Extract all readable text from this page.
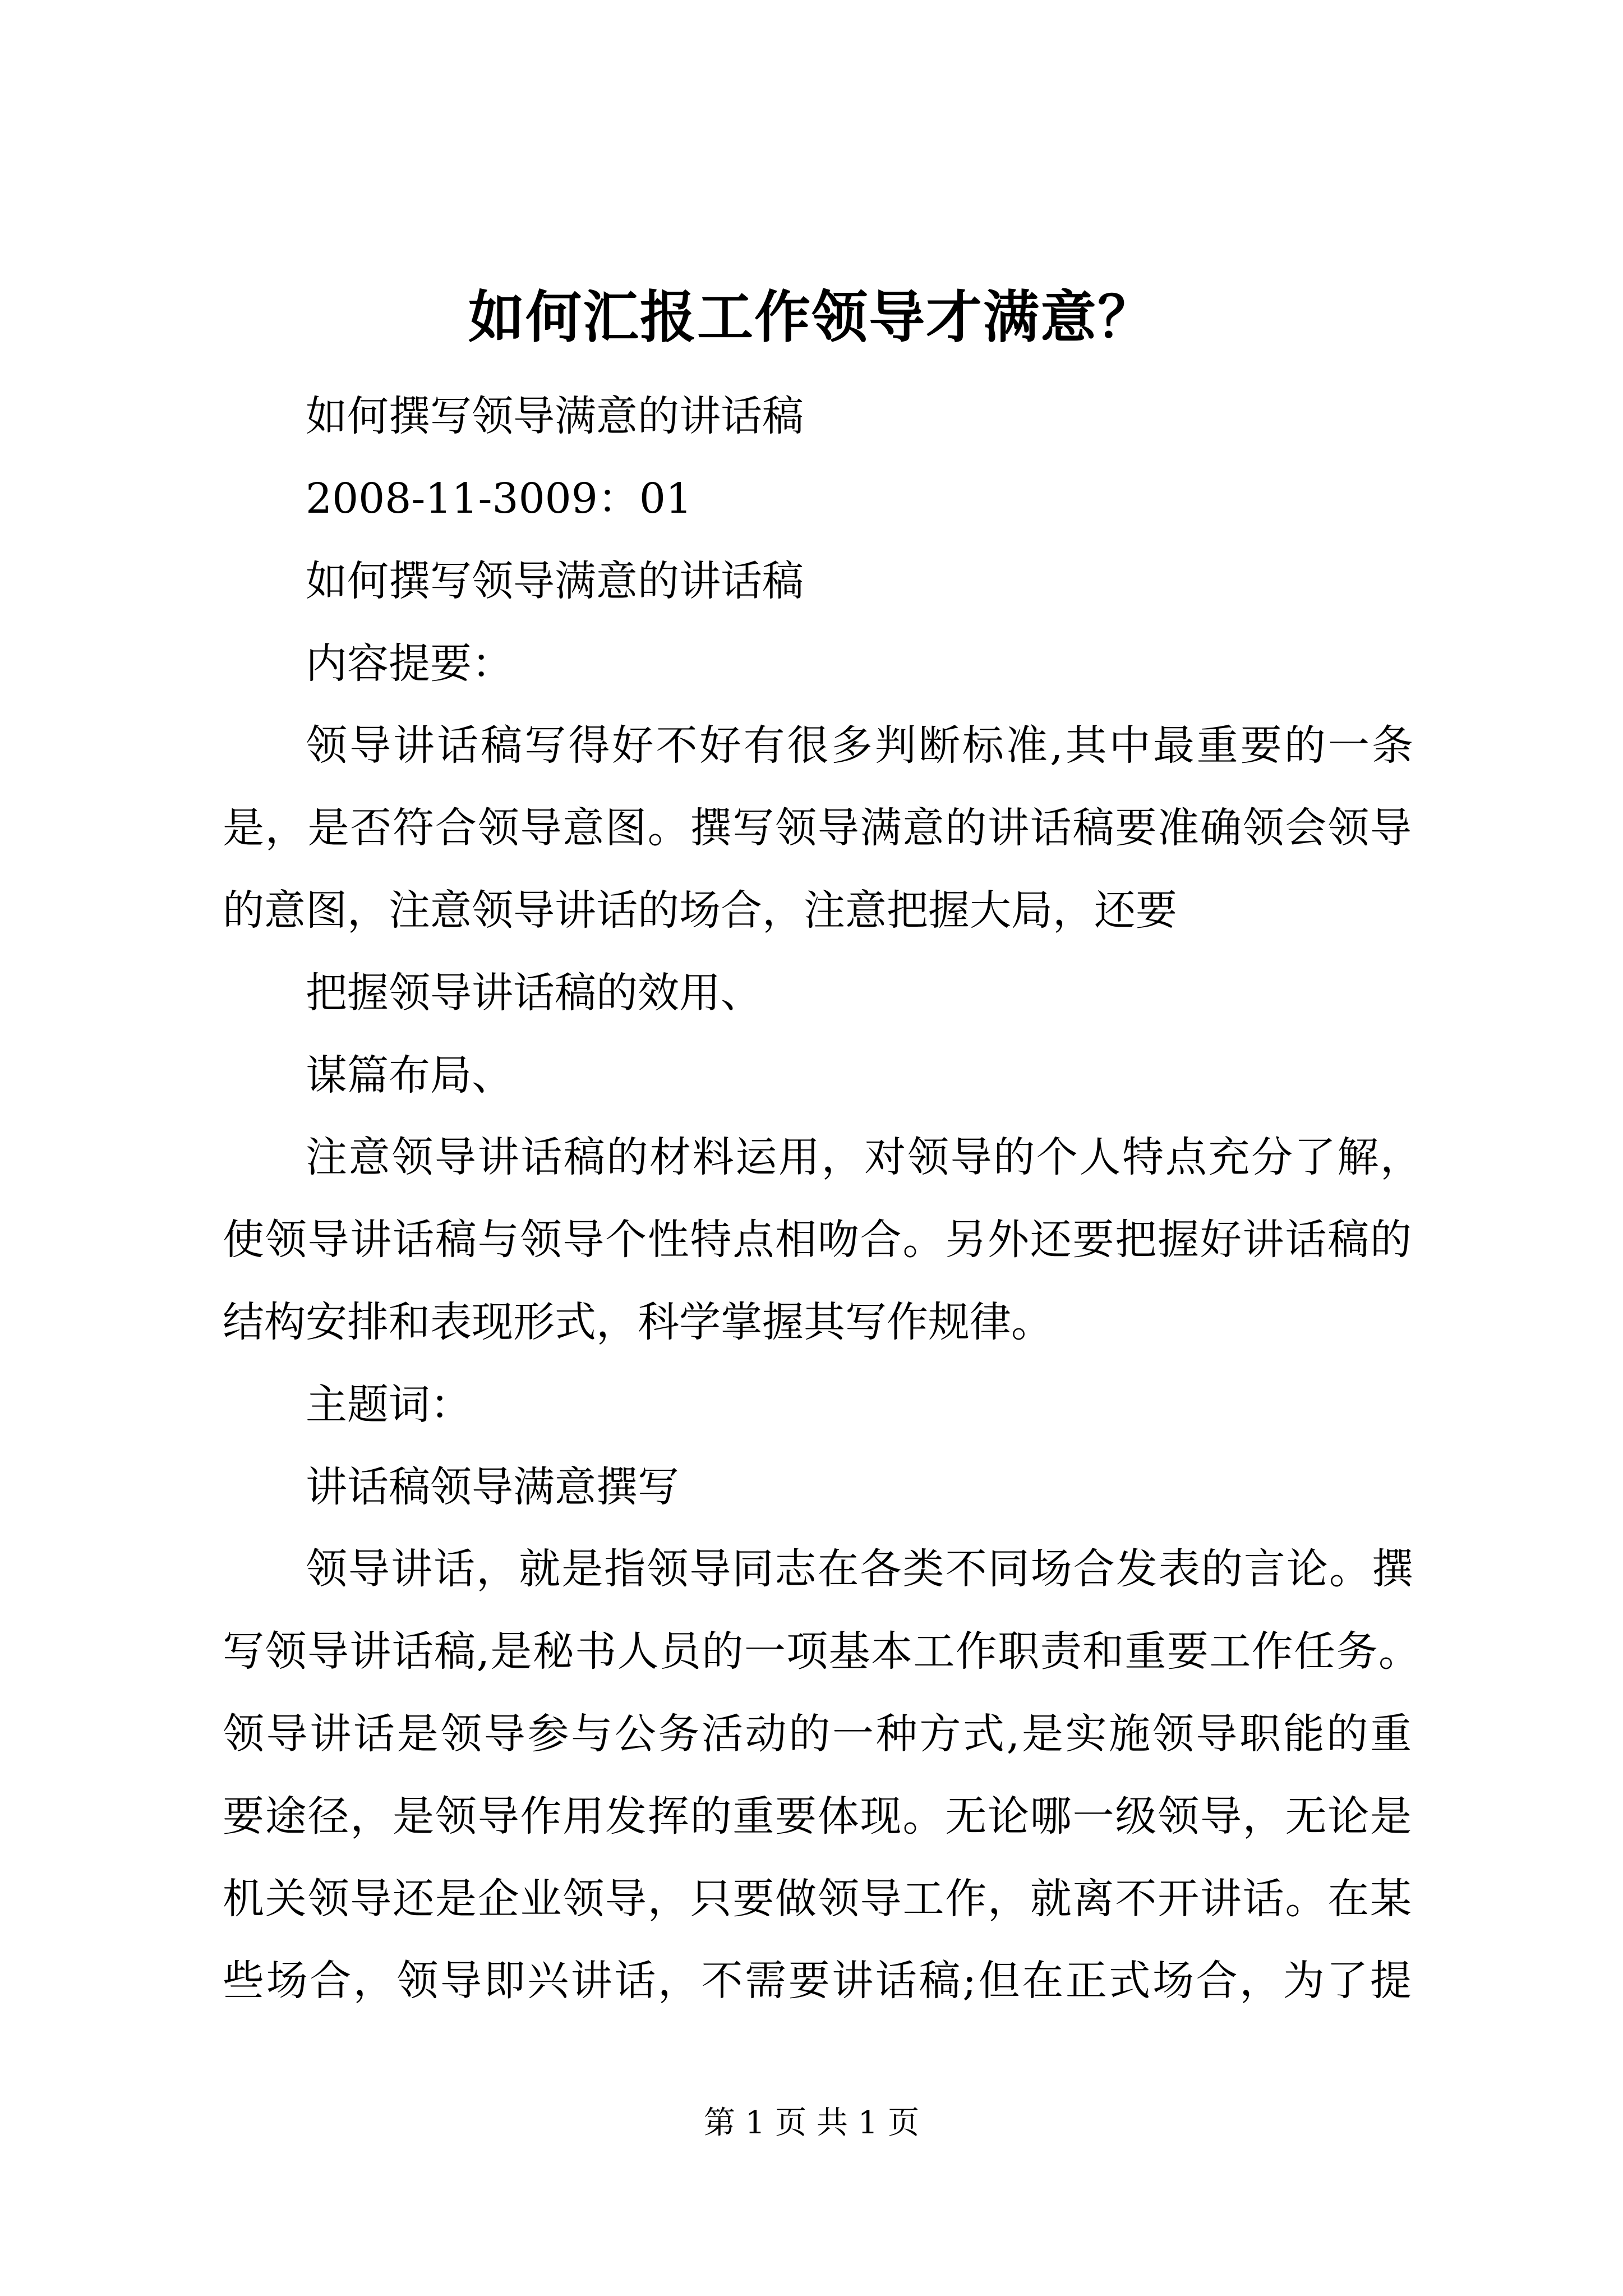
如何汇报工作领导才满意？
如何撰写领导满意的讲话稿
2008-11-3009：01
如何撰写领导满意的讲话稿
内容提要：
领导讲话稿写得好不好有很多判断标准,其中最重要的一条
是，是否符合领导意图。撰写领导满意的讲话稿要准确领会领导
的意图，注意领导讲话的场合，注意把握大局，还要
把握领导讲话稿的效用、
谋篇布局、
注意领导讲话稿的材料运用，对领导的个人特点充分了解，
使领导讲话稿与领导个性特点相吻合。另外还要把握好讲话稿的
结构安排和表现形式，科学掌握其写作规律。
主题词：
讲话稿领导满意撰写
领导讲话，就是指领导同志在各类不同场合发表的言论。撰
写领导讲话稿,是秘书人员的一项基本工作职责和重要工作任务。
领导讲话是领导参与公务活动的一种方式,是实施领导职能的重
要途径，是领导作用发挥的重要体现。无论哪一级领导，无论是
机关领导还是企业领导，只要做领导工作，就离不开讲话。在某
些场合，领导即兴讲话，不需要讲话稿;但在正式场合，为了提
第 1 页 共 1 页
